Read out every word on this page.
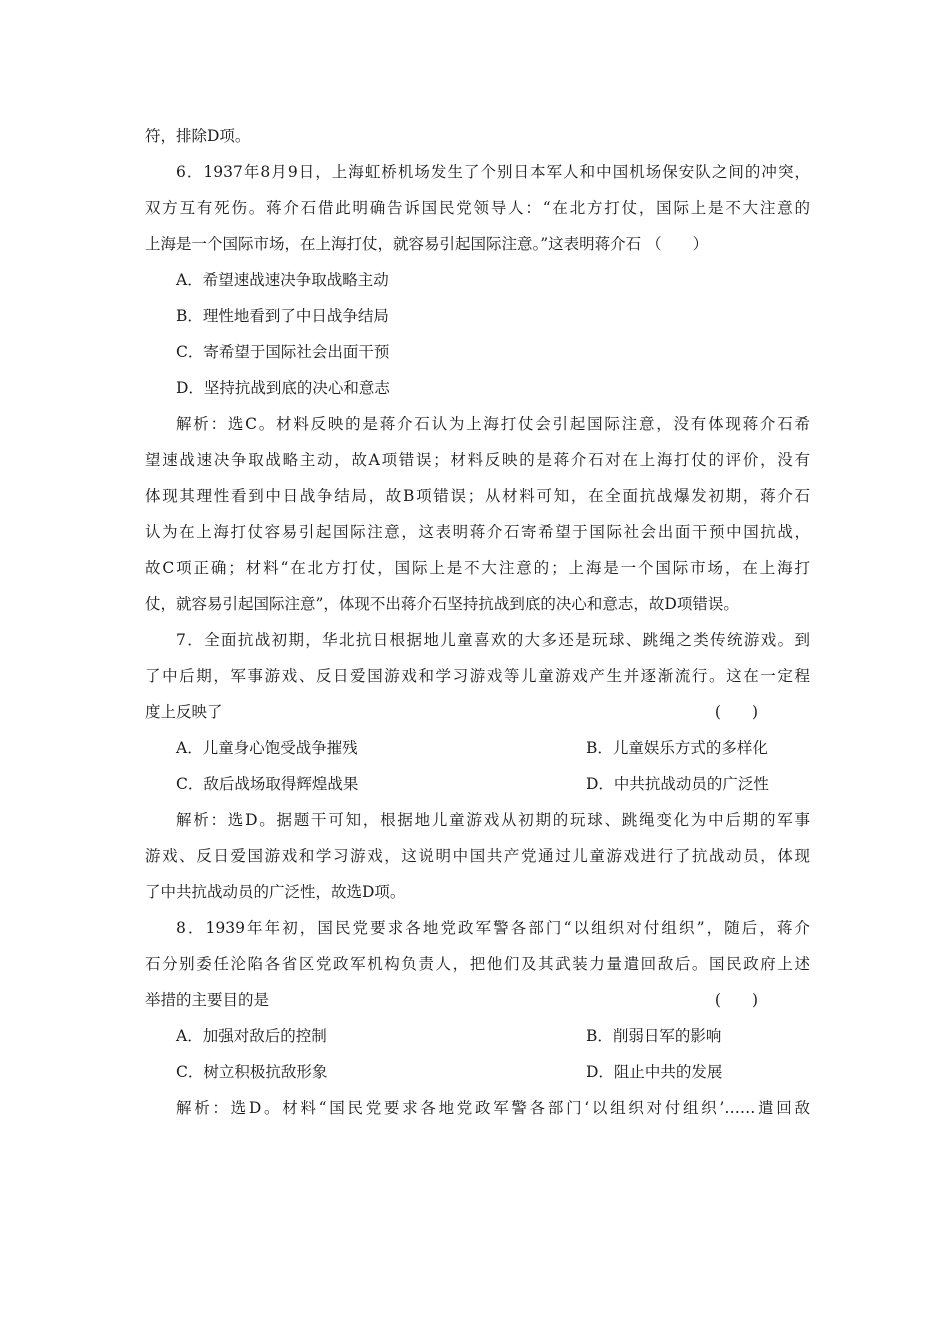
符，排除D项。
6．1937年8月9日，上海虹桥机场发生了个别日本军人和中国机场保安队之间的冲突，
双方互有死伤。蒋介石借此明确告诉国民党领导人：“在北方打仗，国际上是不大注意的
上海是一个国际市场，在上海打仗，就容易引起国际注意。”这表明蒋介石 （　　）
A．希望速战速决争取战略主动
B．理性地看到了中日战争结局
C．寄希望于国际社会出面干预
D．坚持抗战到底的决心和意志
解析：选C。材料反映的是蒋介石认为上海打仗会引起国际注意，没有体现蒋介石希
望速战速决争取战略主动，故A项错误；材料反映的是蒋介石对在上海打仗的评价，没有
体现其理性看到中日战争结局，故B项错误；从材料可知，在全面抗战爆发初期，蒋介石
认为在上海打仗容易引起国际注意，这表明蒋介石寄希望于国际社会出面干预中国抗战，
故C项正确；材料“在北方打仗，国际上是不大注意的；上海是一个国际市场，在上海打
仗，就容易引起国际注意”，体现不出蒋介石坚持抗战到底的决心和意志，故D项错误。
7．全面抗战初期，华北抗日根据地儿童喜欢的大多还是玩球、跳绳之类传统游戏。到
了中后期，军事游戏、反日爱国游戏和学习游戏等儿童游戏产生并逐渐流行。这在一定程
度上反映了	(　　)
A．儿童身心饱受战争摧残	B．儿童娱乐方式的多样化
C．敌后战场取得辉煌战果	D．中共抗战动员的广泛性
解析：选D。据题干可知，根据地儿童游戏从初期的玩球、跳绳变化为中后期的军事
游戏、反日爱国游戏和学习游戏，这说明中国共产党通过儿童游戏进行了抗战动员，体现
了中共抗战动员的广泛性，故选D项。
8．1939年年初，国民党要求各地党政军警各部门“以组织对付组织”，随后，蒋介
石分别委任沦陷各省区党政军机构负责人，把他们及其武装力量遣回敌后。国民政府上述
举措的主要目的是	(　　)
A．加强对敌后的控制	B．削弱日军的影响
C．树立积极抗敌形象	D．阻止中共的发展
解析：选D。材料“国民党要求各地党政军警各部门‘以组织对付组织’……遣回敌
